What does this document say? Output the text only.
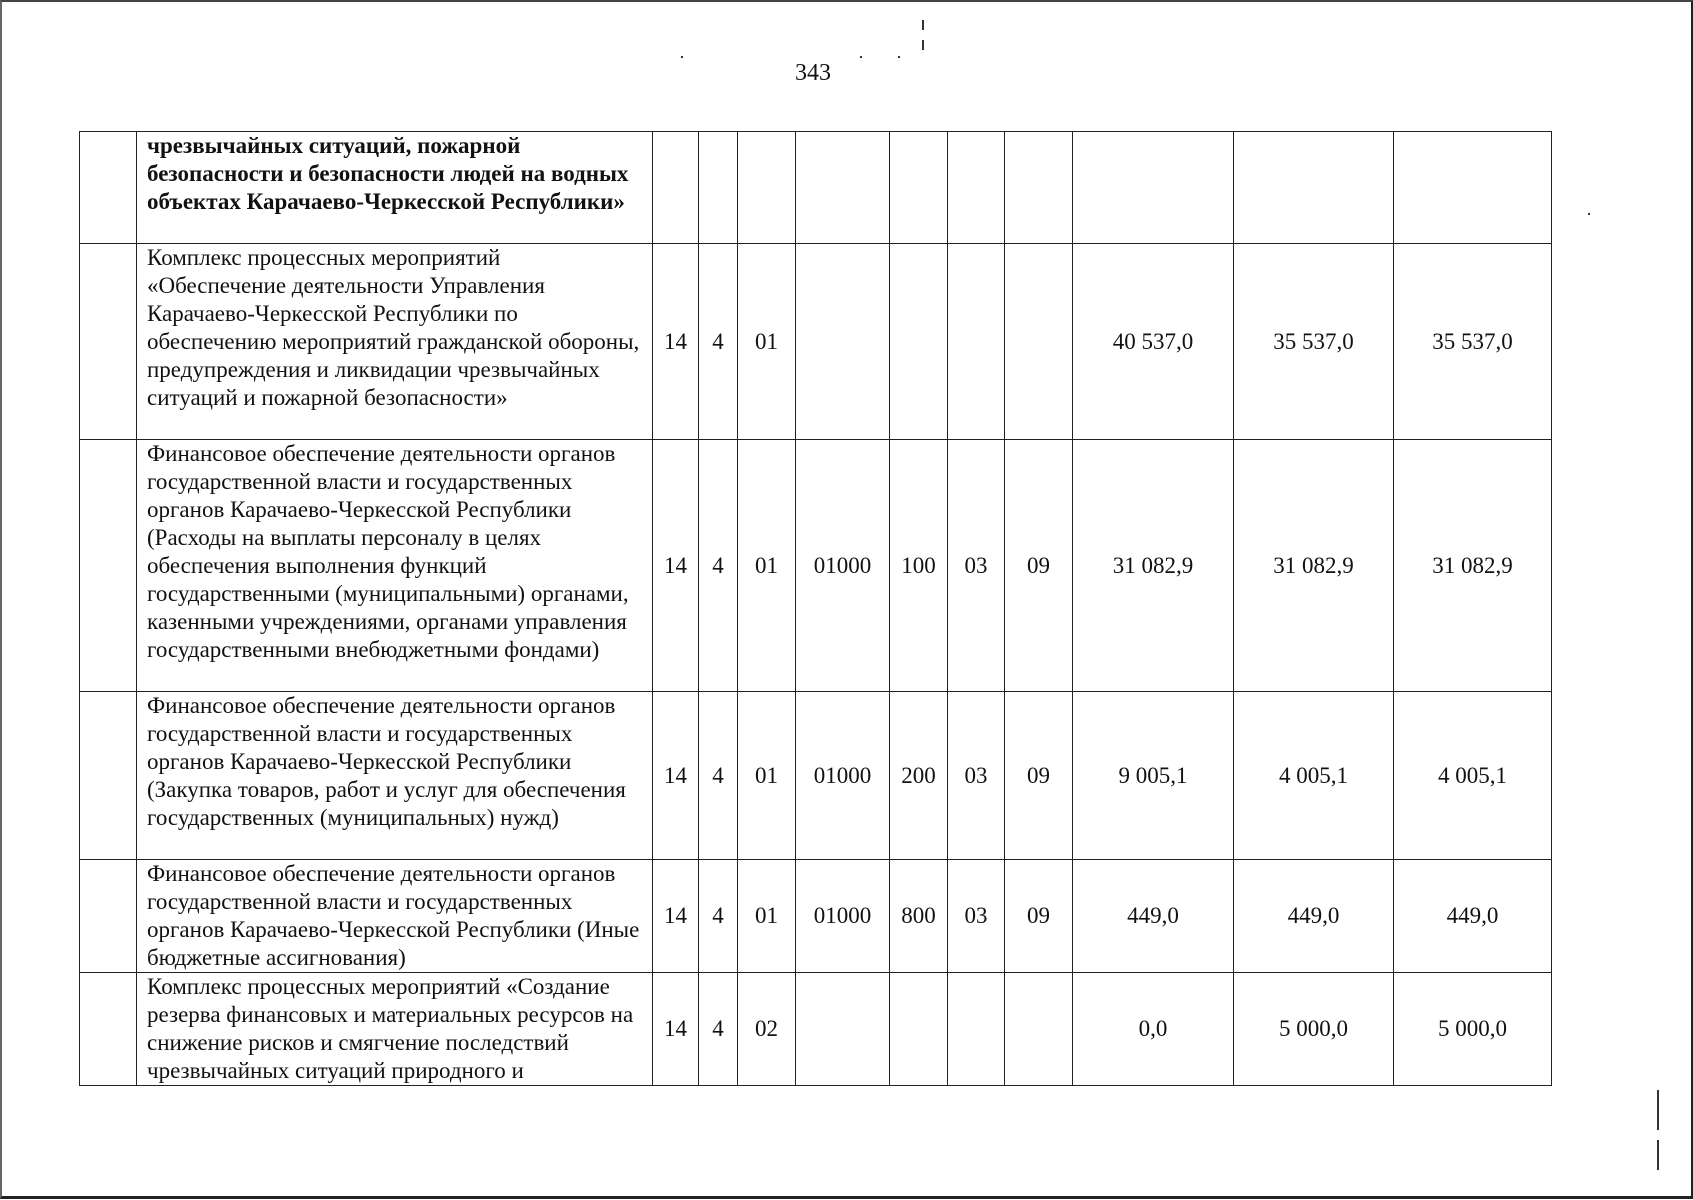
343
	чрезвычайных ситуаций, пожарной безопасности и безопасности людей на водных объектах Карачаево-Черкесской Республики»										
	Комплекс процессных мероприятий «Обеспечение деятельности Управления Карачаево-Черкесской Республики по обеспечению мероприятий гражданской обороны, предупреждения и ликвидации чрезвычайных ситуаций и пожарной безопасности»	14	4	01					40 537,0	35 537,0	35 537,0
	Финансовое обеспечение деятельности органов государственной власти и государственных органов Карачаево-Черкесской Республики (Расходы на выплаты персоналу в целях обеспечения выполнения функций государственными (муниципальными) органами, казенными учреждениями, органами управления государственными внебюджетными фондами)	14	4	01	01000	100	03	09	31 082,9	31 082,9	31 082,9
	Финансовое обеспечение деятельности органов государственной власти и государственных органов Карачаево-Черкесской Республики (Закупка товаров, работ и услуг для обеспечения государственных (муниципальных) нужд)	14	4	01	01000	200	03	09	9 005,1	4 005,1	4 005,1
	Финансовое обеспечение деятельности органов государственной власти и государственных органов Карачаево-Черкесской Республики (Иные бюджетные ассигнования)	14	4	01	01000	800	03	09	449,0	449,0	449,0
	Комплекс процессных мероприятий «Создание резерва финансовых и материальных ресурсов на снижение рисков и смягчение последствий чрезвычайных ситуаций природного и	14	4	02					0,0	5 000,0	5 000,0
